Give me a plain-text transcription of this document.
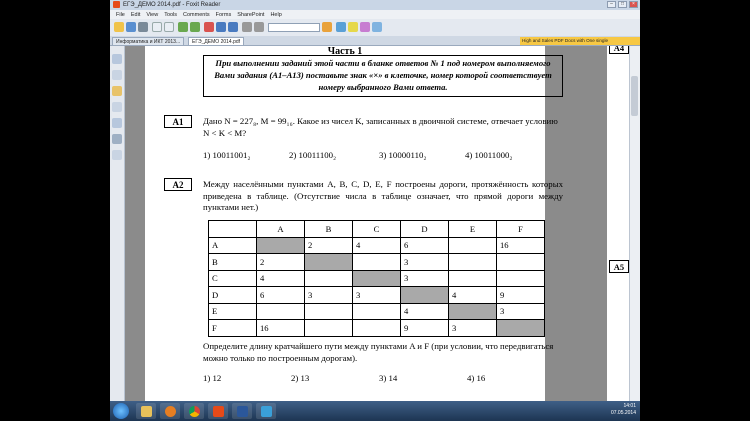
ЕГЭ_ДЕМО 2014.pdf - Foxit Reader	–	□	×
File Edit View Tools Comments Forms SharePoint Help
Информатика и ИКТ 2013...	ЕГЭ_ДЕМО 2014.pdf	High and Sales PDF Docs with One single
Часть 1
При выполнении заданий этой части в бланке ответов № 1 под номером выполняемого Вами задания (А1–А13) поставьте знак «×» в клеточке, номер которой соответствует номеру выбранного Вами ответа.
А1	Дано N = 227₈, M = 99₁₆. Какое из чисел K, записанных в двоичной системе, отвечает условию N < K < M?
1) 10011001₂	2) 10011100₂	3) 10000110₂	4) 10011000₂
А2	Между населёнными пунктами A, B, C, D, E, F построены дороги, протяжённость которых приведена в таблице. (Отсутствие числа в таблице означает, что прямой дороги между пунктами нет.)
	A	B	C	D	E	F
A		2	4	6		16
B	2			3		
C	4			3		
D	6	3	3		4	9
E				4		3
F	16			9	3	
Определите длину кратчайшего пути между пунктами A и F (при условии, что передвигаться можно только по построенным дорогам).
1) 12	2) 13	3) 14	4) 16
А4
А5
14:01
07.05.2014
